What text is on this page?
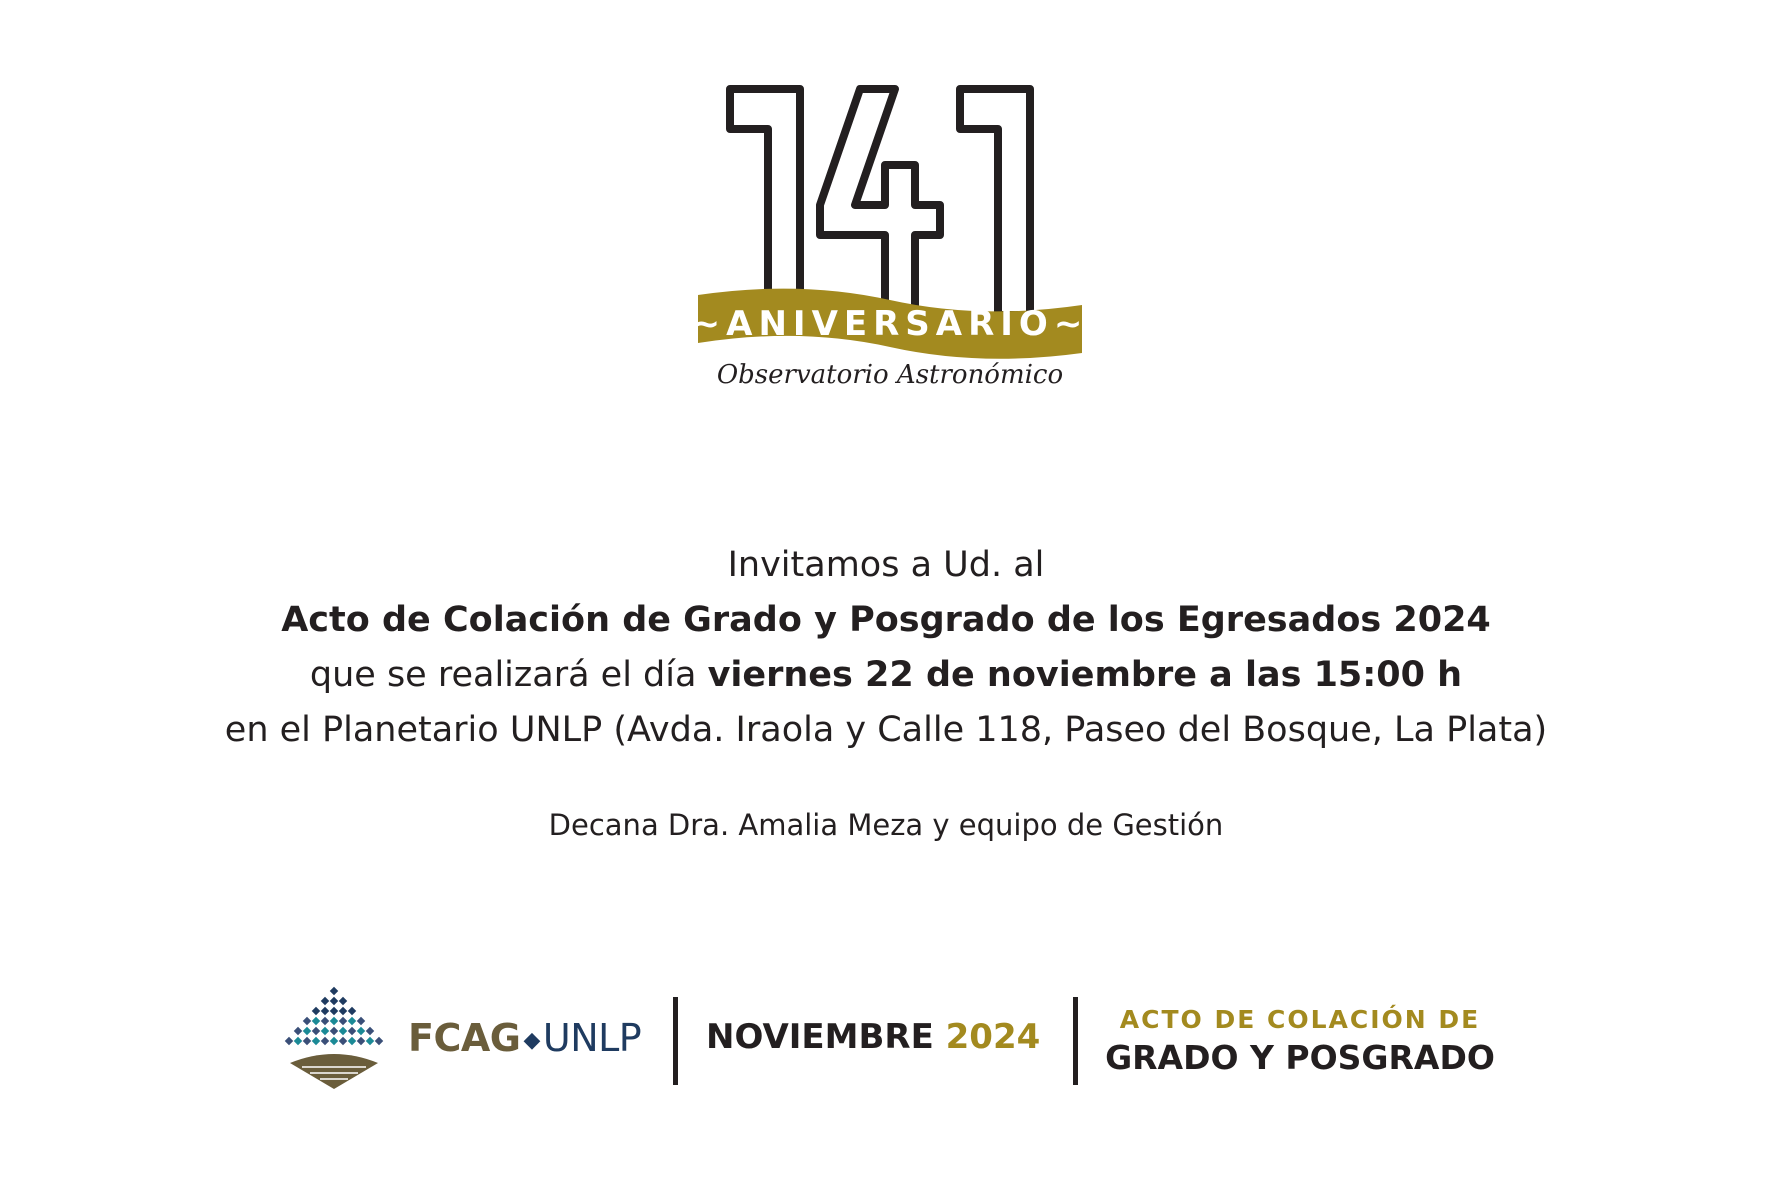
~ANIVERSARIO~
Observatorio Astronómico
Invitamos a Ud. al
Acto de Colación de Grado y Posgrado de los Egresados 2024
que se realizará el día viernes 22 de noviembre a las 15:00 h
en el Planetario UNLP (Avda. Iraola y Calle 118, Paseo del Bosque, La Plata)
Decana Dra. Amalia Meza y equipo de Gestión
FCAG ◆UNLP NOVIEMBRE 2024	ACTO DE COLACIÓN DE
GRADO Y POSGRADO
